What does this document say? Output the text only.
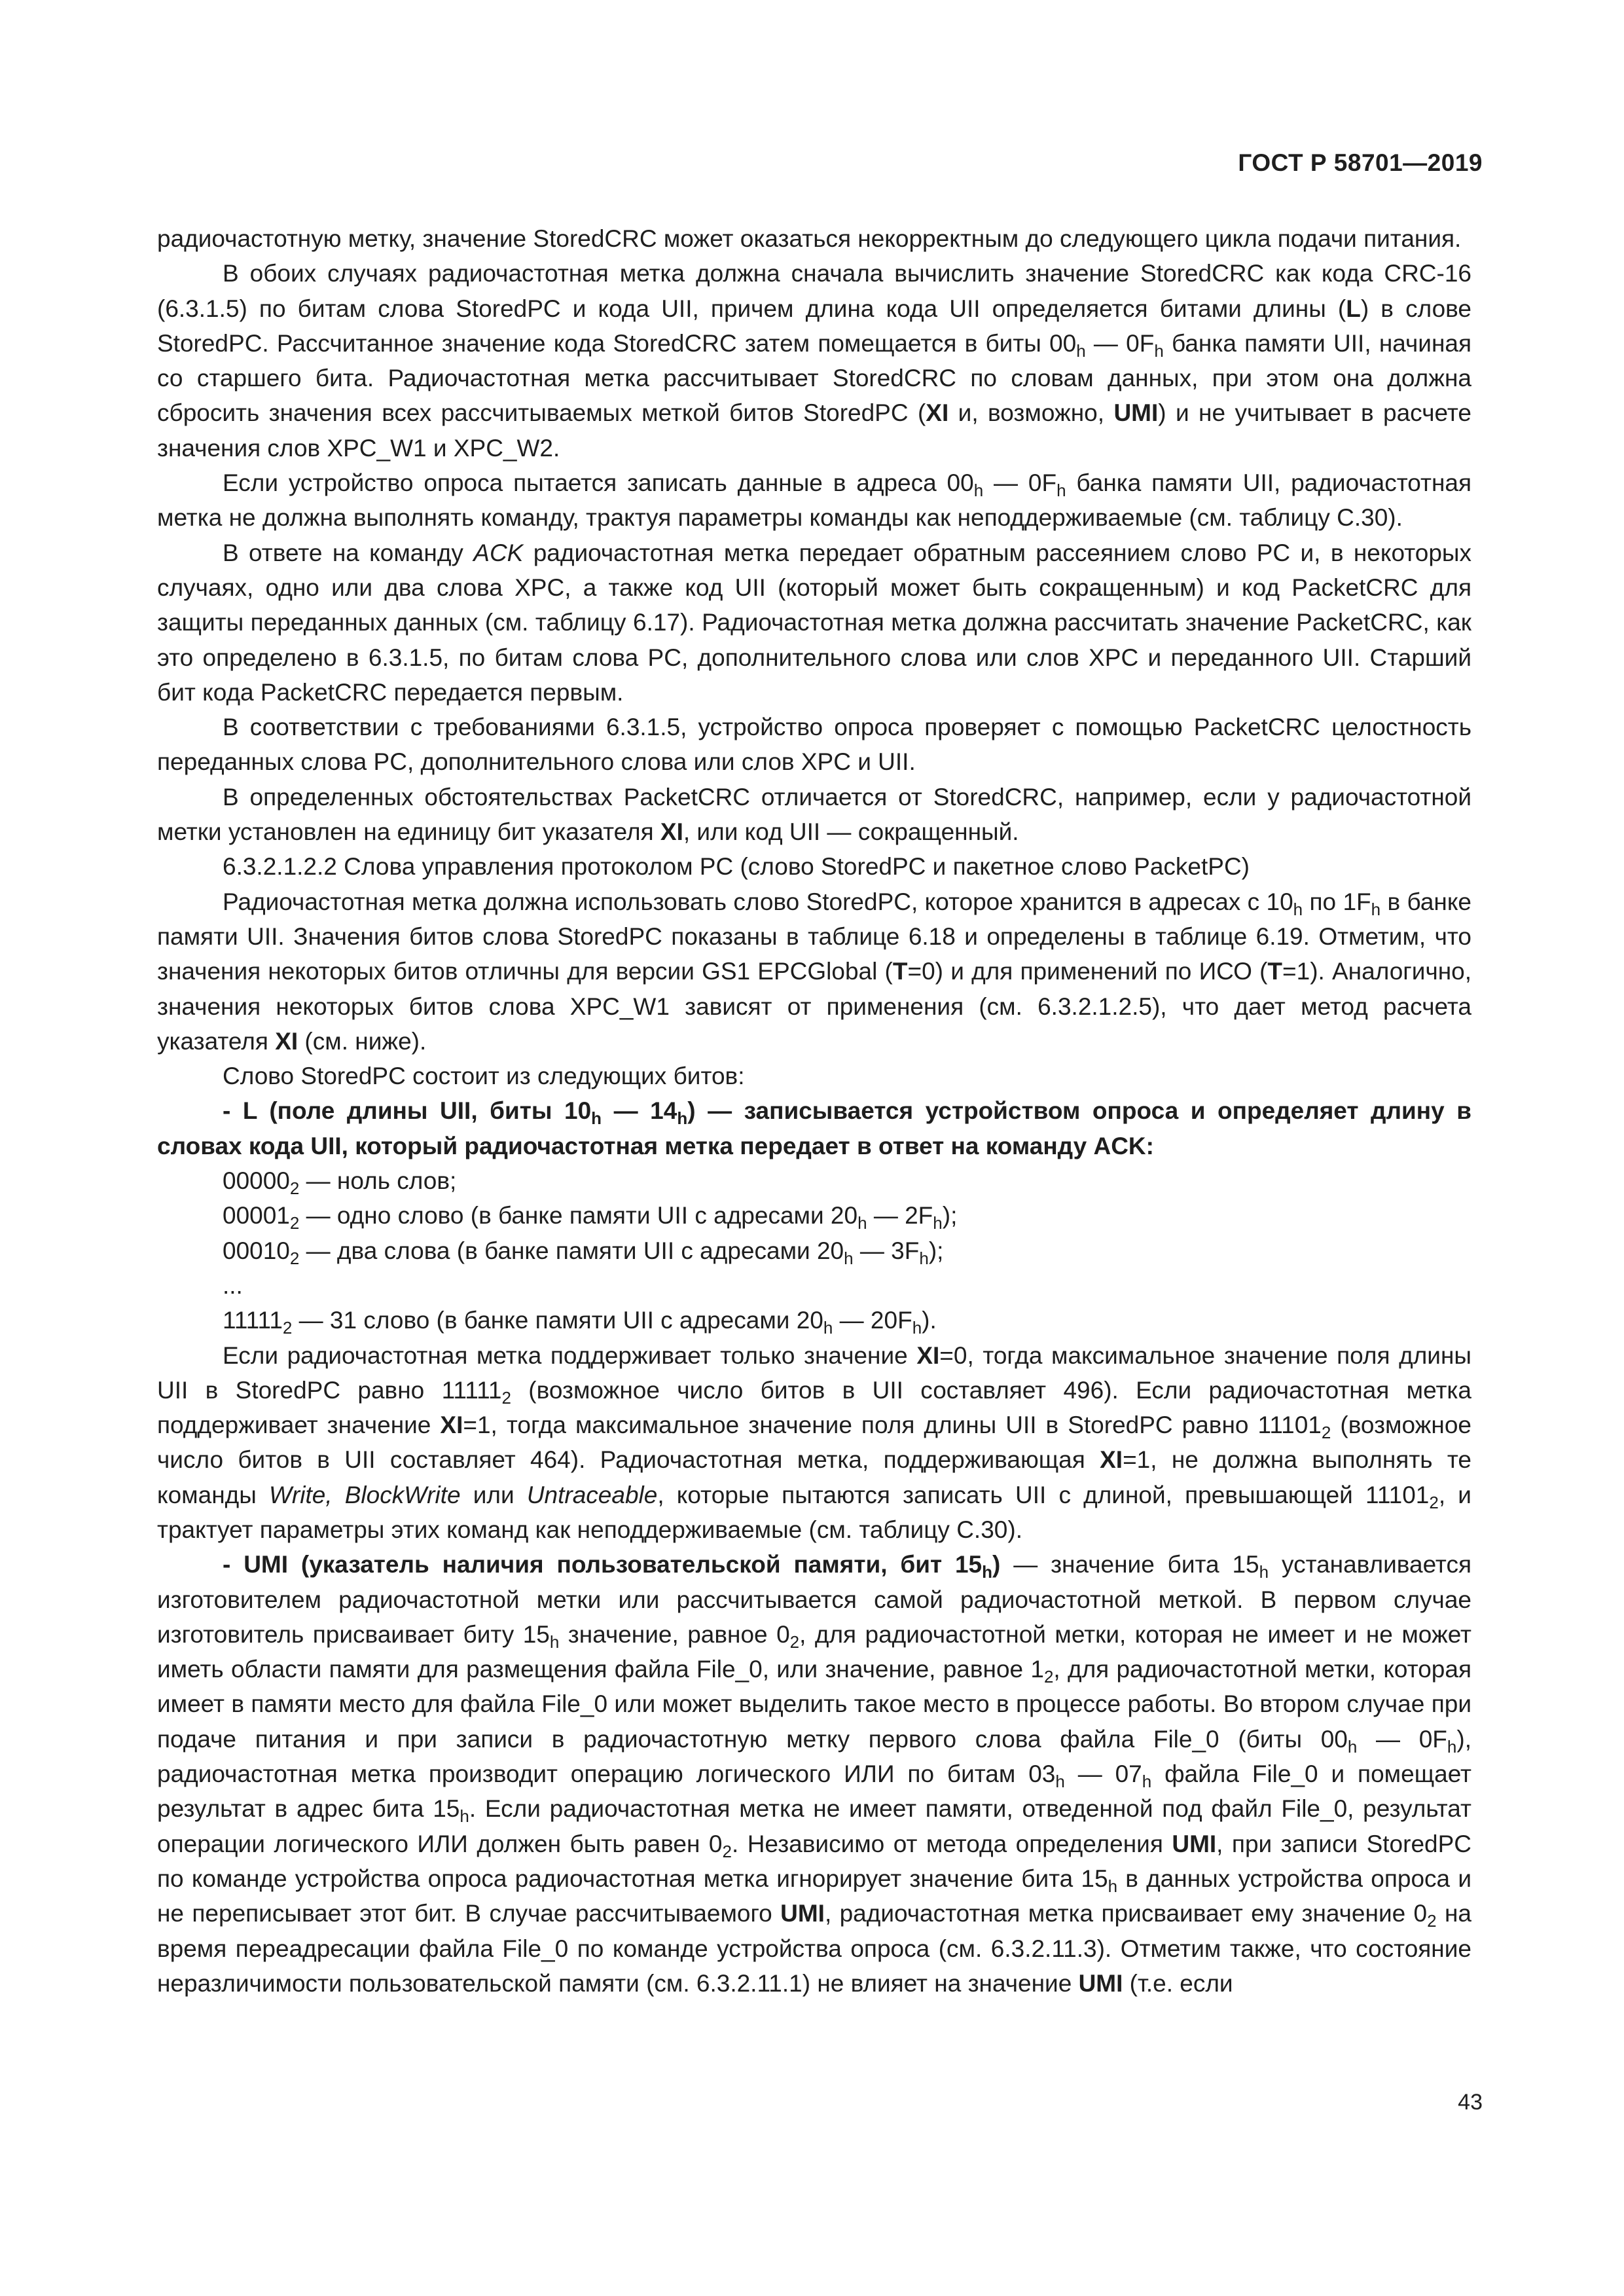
ГОСТ Р 58701—2019

радиочастотную метку, значение StoredCRC может оказаться некорректным до следующего цикла подачи питания.

В обоих случаях радиочастотная метка должна сначала вычислить значение StoredCRC как кода CRC-16 (6.3.1.5) по битам слова StoredPC и кода UII, причем длина кода UII определяется битами длины (L) в слове StoredPC. Рассчитанное значение кода StoredCRC затем помещается в биты $00_h$ — $0F_h$ банка памяти UII, начиная со старшего бита. Радиочастотная метка рассчитывает StoredCRC по словам данных, при этом она должна сбросить значения всех рассчитываемых меткой битов StoredPC (XI и, возможно, UMI) и не учитывает в расчете значения слов XPC_W1 и XPC_W2.

Если устройство опроса пытается записать данные в адреса $00_h$ — $0F_h$ банка памяти UII, радиочастотная метка не должна выполнять команду, трактуя параметры команды как неподдерживаемые (см. таблицу С.30).

В ответе на команду ACK радиочастотная метка передает обратным рассеянием слово PC и, в некоторых случаях, одно или два слова XPC, а также код UII (который может быть сокращенным) и код PacketCRC для защиты переданных данных (см. таблицу 6.17). Радиочастотная метка должна рассчитать значение PacketCRC, как это определено в 6.3.1.5, по битам слова PC, дополнительного слова или слов XPC и переданного UII. Старший бит кода PacketCRC передается первым.

В соответствии с требованиями 6.3.1.5, устройство опроса проверяет с помощью PacketCRC целостность переданных слова PC, дополнительного слова или слов XPC и UII.

В определенных обстоятельствах PacketCRC отличается от StoredCRC, например, если у радиочастотной метки установлен на единицу бит указателя XI, или код UII — сокращенный.

6.3.2.1.2.2 Слова управления протоколом PC (слово StoredPC и пакетное слово PacketPC)

Радиочастотная метка должна использовать слово StoredPC, которое хранится в адресах с $10_h$ по $1F_h$ в банке памяти UII. Значения битов слова StoredPC показаны в таблице 6.18 и определены в таблице 6.19. Отметим, что значения некоторых битов отличны для версии GS1 EPCGlobal (T=0) и для применений по ИСО (T=1). Аналогично, значения некоторых битов слова XPC_W1 зависят от применения (см. 6.3.2.1.2.5), что дает метод расчета указателя XI (см. ниже).

Слово StoredPC состоит из следующих битов:

- L (поле длины UII, биты $10_h$ — $14_h$) — записывается устройством опроса и определяет длину в словах кода UII, который радиочастотная метка передает в ответ на команду ACK:

$00000_2$ — ноль слов;

$00001_2$ — одно слово (в банке памяти UII с адресами $20_h$ — $2F_h$);

$00010_2$ — два слова (в банке памяти UII с адресами $20_h$ — $3F_h$);

...

$11111_2$ — 31 слово (в банке памяти UII с адресами $20_h$ — $20F_h$).

Если радиочастотная метка поддерживает только значение XI=0, тогда максимальное значение поля длины UII в StoredPC равно $11111_2$ (возможное число битов в UII составляет 496). Если радиочастотная метка поддерживает значение XI=1, тогда максимальное значение поля длины UII в StoredPC равно $11101_2$ (возможное число битов в UII составляет 464). Радиочастотная метка, поддерживающая XI=1, не должна выполнять те команды Write, BlockWrite или Untraceable, которые пытаются записать UII с длиной, превышающей $11101_2$, и трактует параметры этих команд как неподдерживаемые (см. таблицу С.30).

- UMI (указатель наличия пользовательской памяти, бит $15_h$) — значение бита $15_h$ устанавливается изготовителем радиочастотной метки или рассчитывается самой радиочастотной меткой. В первом случае изготовитель присваивает биту $15_h$ значение, равное $0_2$, для радиочастотной метки, которая не имеет и не может иметь области памяти для размещения файла File_0, или значение, равное $1_2$, для радиочастотной метки, которая имеет в памяти место для файла File_0 или может выделить такое место в процессе работы. Во втором случае при подаче питания и при записи в радиочастотную метку первого слова файла File_0 (биты $00_h$ — $0F_h$), радиочастотная метка производит операцию логического ИЛИ по битам $03_h$ — $07_h$ файла File_0 и помещает результат в адрес бита $15_h$. Если радиочастотная метка не имеет памяти, отведенной под файл File_0, результат операции логического ИЛИ должен быть равен $0_2$. Независимо от метода определения UMI, при записи StoredPC по команде устройства опроса радиочастотная метка игнорирует значение бита $15_h$ в данных устройства опроса и не переписывает этот бит. В случае рассчитываемого UMI, радиочастотная метка присваивает ему значение $0_2$ на время переадресации файла File_0 по команде устройства опроса (см. 6.3.2.11.3). Отметим также, что состояние неразличимости пользовательской памяти (см. 6.3.2.11.1) не влияет на значение UMI (т.е. если

43
